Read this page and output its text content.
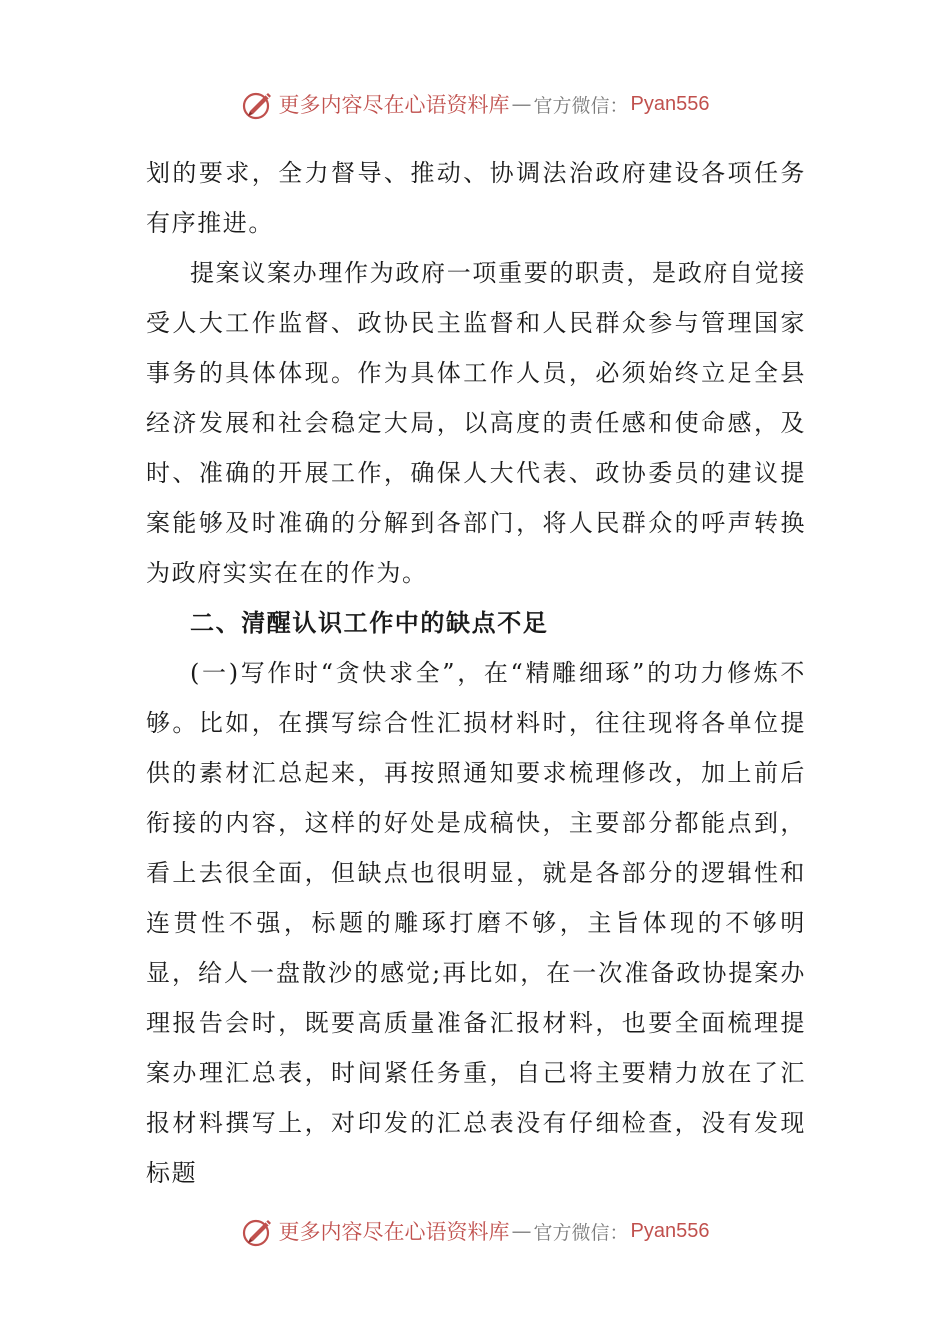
更多内容尽在心语资料库 — 官方微信： Pyan556

划的要求，全力督导、推动、协调法治政府建设各项任务有序推进。

提案议案办理作为政府一项重要的职责，是政府自觉接受人大工作监督、政协民主监督和人民群众参与管理国家事务的具体体现。作为具体工作人员，必须始终立足全县经济发展和社会稳定大局，以高度的责任感和使命感，及时、准确的开展工作，确保人大代表、政协委员的建议提案能够及时准确的分解到各部门，将人民群众的呼声转换为政府实实在在的作为。

二、清醒认识工作中的缺点不足

(一)写作时“贪快求全”，在“精雕细琢”的功力修炼不够。比如，在撰写综合性汇损材料时，往往现将各单位提供的素材汇总起来，再按照通知要求梳理修改，加上前后衔接的内容，这样的好处是成稿快，主要部分都能点到，看上去很全面，但缺点也很明显，就是各部分的逻辑性和连贯性不强，标题的雕琢打磨不够，主旨体现的不够明显，给人一盘散沙的感觉;再比如，在一次准备政协提案办理报告会时，既要高质量准备汇报材料，也要全面梳理提案办理汇总表，时间紧任务重，自己将主要精力放在了汇报材料撰写上，对印发的汇总表没有仔细检查，没有发现标题

更多内容尽在心语资料库 — 官方微信： Pyan556
